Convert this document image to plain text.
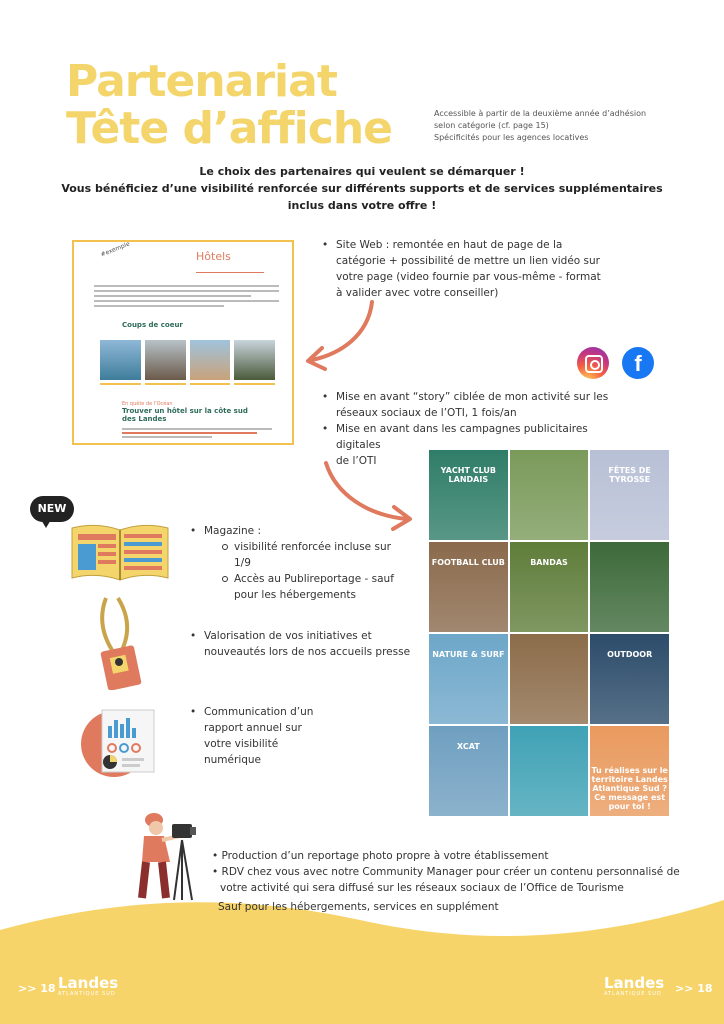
Partenariat
Tête d’affiche	Accessible à partir de la deuxième année d’adhésion
selon catégorie (cf. page 15)
Spécificités pour les agences locatives
Le choix des partenaires qui veulent se démarquer !
Vous bénéficiez d’une visibilité renforcée sur différents supports et de services supplémentaires
inclus dans votre offre !
#exemple	Hôtels
Coups de coeur
En quête de l'Océan
Trouver un hôtel sur la côte sud des Landes
• Site Web : remontée en haut de page de la
catégorie + possibilité de mettre un lien vidéo sur
votre page (video fournie par vous-même - format
à valider avec votre conseiller)
f
• Mise en avant “story” ciblée de mon activité sur les
réseaux sociaux de l’OTI, 1 fois/an
• Mise en avant dans les campagnes publicitaires digitales
de l’OTI
YACHT CLUB LANDAIS
FÊTES DE TYROSSE
FOOTBALL CLUB	BANDAS
NATURE & SURF	OUTDOOR
XCAT
Tu réalises sur le territoire Landes Atlantique Sud ? Ce message est pour toi !
NEW
• Magazine :
visibilité renforcée incluse sur 1/9
Accès au Publireportage - sauf
pour les hébergements
• Valorisation de vos initiatives et
nouveautés lors de nos accueils presse
• Communication d’un
rapport annuel sur
votre visibilité
numérique
• Production d’un reportage photo propre à votre établissement
• RDV chez vous avec notre Community Manager pour créer un contenu personnalisé de
votre activité qui sera diffusé sur les réseaux sociaux de l’Office de Tourisme
Sauf pour les hébergements, services en supplément
>> 18 Landes
ATLANTIQUE SUD
Landes
ATLANTIQUE SUD >> 18
